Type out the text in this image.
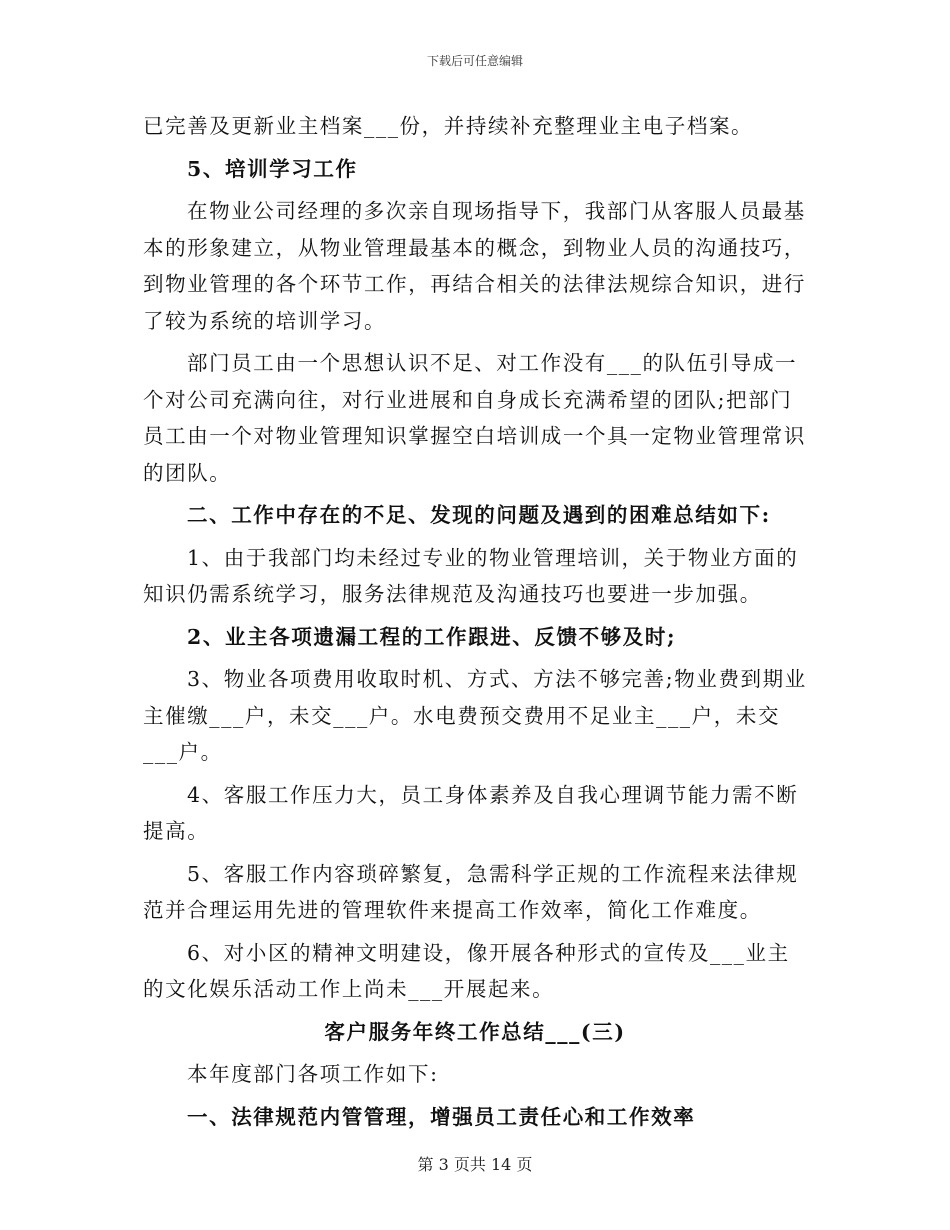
下载后可任意编辑

已完善及更新业主档案___份，并持续补充整理业主电子档案。

5、培训学习工作

在物业公司经理的多次亲自现场指导下，我部门从客服人员最基本的形象建立，从物业管理最基本的概念，到物业人员的沟通技巧，到物业管理的各个环节工作，再结合相关的法律法规综合知识，进行了较为系统的培训学习。

部门员工由一个思想认识不足、对工作没有___的队伍引导成一个对公司充满向往，对行业进展和自身成长充满希望的团队;把部门员工由一个对物业管理知识掌握空白培训成一个具一定物业管理常识的团队。

二、工作中存在的不足、发现的问题及遇到的困难总结如下:

1、由于我部门均未经过专业的物业管理培训，关于物业方面的知识仍需系统学习，服务法律规范及沟通技巧也要进一步加强。

2、业主各项遗漏工程的工作跟进、反馈不够及时;

3、物业各项费用收取时机、方式、方法不够完善;物业费到期业主催缴___户，未交___户。水电费预交费用不足业主___户，未交___户。

4、客服工作压力大，员工身体素养及自我心理调节能力需不断提高。

5、客服工作内容琐碎繁复，急需科学正规的工作流程来法律规范并合理运用先进的管理软件来提高工作效率，简化工作难度。

6、对小区的精神文明建设，像开展各种形式的宣传及___业主的文化娱乐活动工作上尚未___开展起来。

客户服务年终工作总结___(三)

本年度部门各项工作如下:

一、法律规范内管管理，增强员工责任心和工作效率

第 3 页共 14 页
